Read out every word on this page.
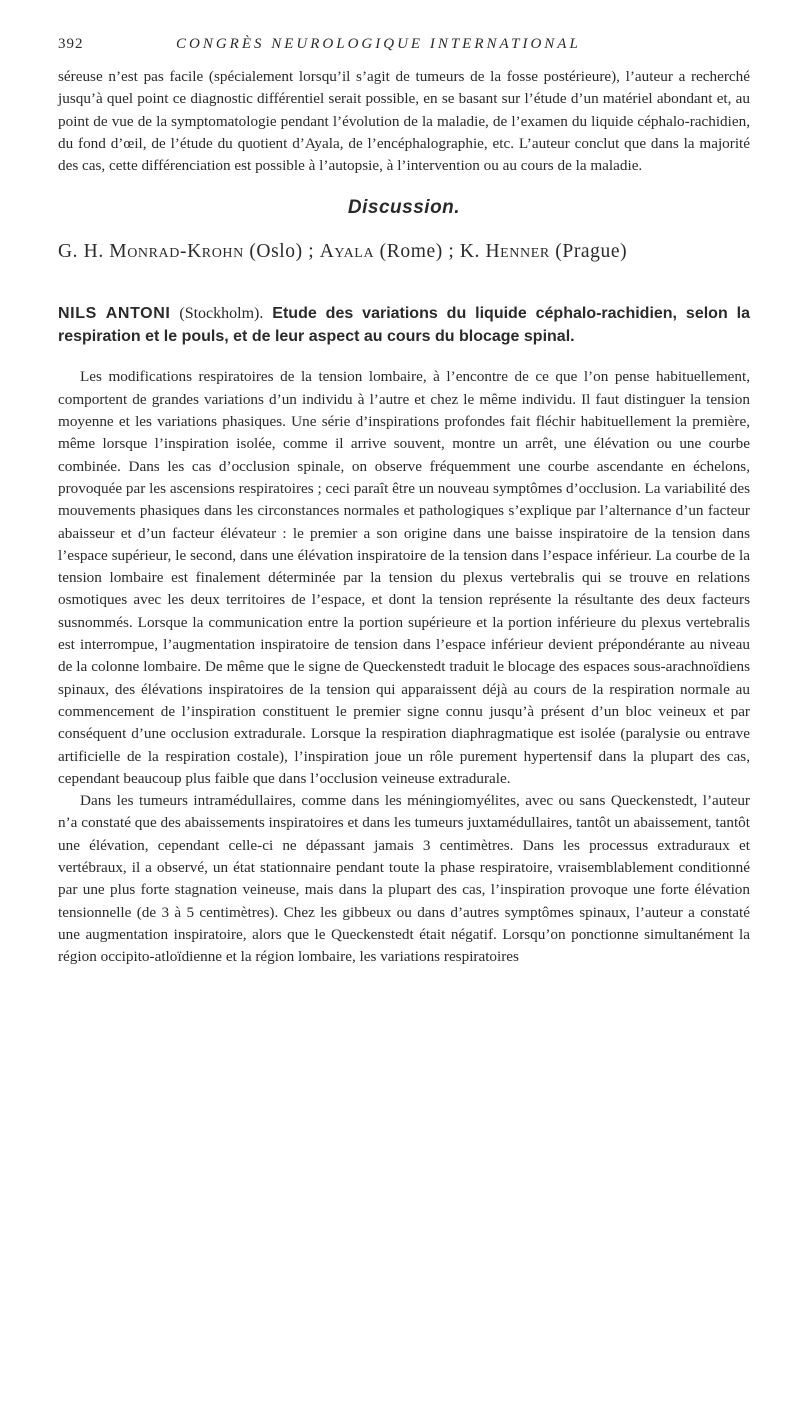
392	CONGRÈS NEUROLOGIQUE INTERNATIONAL

séreuse n’est pas facile (spécialement lorsqu’il s’agit de tumeurs de la fosse postérieure), l’auteur a recherché jusqu’à quel point ce diagnostic différentiel serait possible, en se basant sur l’étude d’un matériel abondant et, au point de vue de la symptomatologie pendant l’évolution de la maladie, de l’examen du liquide céphalo-rachidien, du fond d’œil, de l’étude du quotient d’Ayala, de l’encéphalographie, etc. L’auteur conclut que dans la majorité des cas, cette différenciation est possible à l’autopsie, à l’intervention ou au cours de la maladie.

Discussion.
G. H. Monrad-Krohn (Oslo) ; Ayala (Rome) ; K. Henner (Prague)
NILS ANTONI (Stockholm). Etude des variations du liquide céphalo-rachidien, selon la respiration et le pouls, et de leur aspect au cours du blocage spinal.

Les modifications respiratoires de la tension lombaire, à l’encontre de ce que l’on pense habituellement, comportent de grandes variations d’un individu à l’autre et chez le même individu. Il faut distinguer la tension moyenne et les variations phasiques. Une série d’inspirations profondes fait fléchir habituellement la première, même lorsque l’inspiration isolée, comme il arrive souvent, montre un arrêt, une élévation ou une courbe combinée. Dans les cas d’occlusion spinale, on observe fréquemment une courbe ascendante en échelons, provoquée par les ascensions respiratoires ; ceci paraît être un nouveau symptômes d’occlusion. La variabilité des mouvements phasiques dans les circonstances normales et pathologiques s’explique par l’alternance d’un facteur abaisseur et d’un facteur élévateur : le premier a son origine dans une baisse inspiratoire de la tension dans l’espace supérieur, le second, dans une élévation inspiratoire de la tension dans l’espace inférieur. La courbe de la tension lombaire est finalement déterminée par la tension du plexus vertebralis qui se trouve en relations osmotiques avec les deux territoires de l’espace, et dont la tension représente la résultante des deux facteurs susnommés. Lorsque la communication entre la portion supérieure et la portion inférieure du plexus vertebralis est interrompue, l’augmentation inspiratoire de tension dans l’espace inférieur devient prépondérante au niveau de la colonne lombaire. De même que le signe de Queckenstedt traduit le blocage des espaces sous-arachnoïdiens spinaux, des élévations inspiratoires de la tension qui apparaissent déjà au cours de la respiration normale au commencement de l’inspiration constituent le premier signe connu jusqu’à présent d’un bloc veineux et par conséquent d’une occlusion extradurale. Lorsque la respiration diaphragmatique est isolée (paralysie ou entrave artificielle de la respiration costale), l’inspiration joue un rôle purement hypertensif dans la plupart des cas, cependant beaucoup plus faible que dans l’occlusion veineuse extradurale.

Dans les tumeurs intramédullaires, comme dans les méningiomyélites, avec ou sans Queckenstedt, l’auteur n’a constaté que des abaissements inspiratoires et dans les tumeurs juxtamédullaires, tantôt un abaissement, tantôt une élévation, cependant celle-ci ne dépassant jamais 3 centimètres. Dans les processus extraduraux et vertébraux, il a observé, un état stationnaire pendant toute la phase respiratoire, vraisemblablement conditionné par une plus forte stagnation veineuse, mais dans la plupart des cas, l’inspiration provoque une forte élévation tensionnelle (de 3 à 5 centimètres). Chez les gibbeux ou dans d’autres symptômes spinaux, l’auteur a constaté une augmentation inspiratoire, alors que le Queckenstedt était négatif. Lorsqu’on ponctionne simultanément la région occipito-atloïdienne et la région lombaire, les variations respiratoires
